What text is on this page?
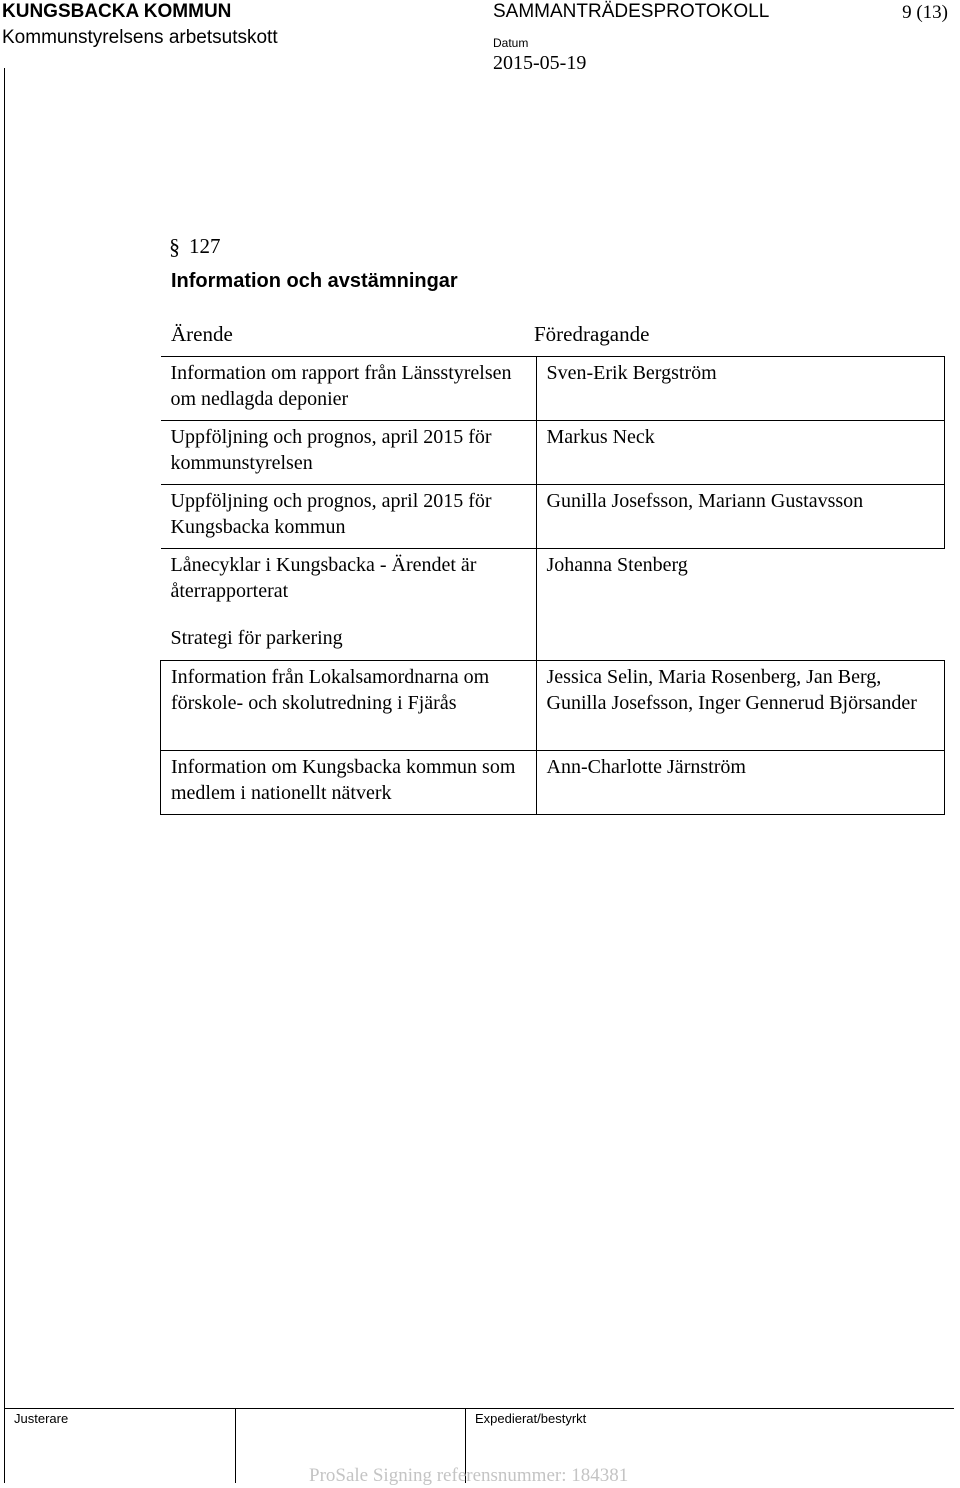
KUNGSBACKA KOMMUN
Kommunstyrelsens arbetsutskott
SAMMANTRÄDESPROTOKOLL	9 (13)
Datum
2015-05-19
§ 127
Information och avstämningar
Ärende	Föredragande
Information om rapport från Länsstyrelsen om nedlagda deponier	Sven-Erik Bergström
Uppföljning och prognos, april 2015 för kommunstyrelsen	Markus Neck
Uppföljning och prognos, april 2015 för Kungsbacka kommun	Gunilla Josefsson, Mariann Gustavsson
Lånecyklar i Kungsbacka - Ärendet är återrapporterat	Johanna Stenberg
Strategi för parkering	
Information från Lokalsamordnarna om förskole- och skolutredning i Fjärås	Jessica Selin, Maria Rosenberg, Jan Berg, Gunilla Josefsson, Inger Gennerud Björsander
Information om Kungsbacka kommun som medlem i nationellt nätverk	Ann-Charlotte Järnström
Justerare	Expedierat/bestyrkt
ProSale Signing referensnummer: 184381
